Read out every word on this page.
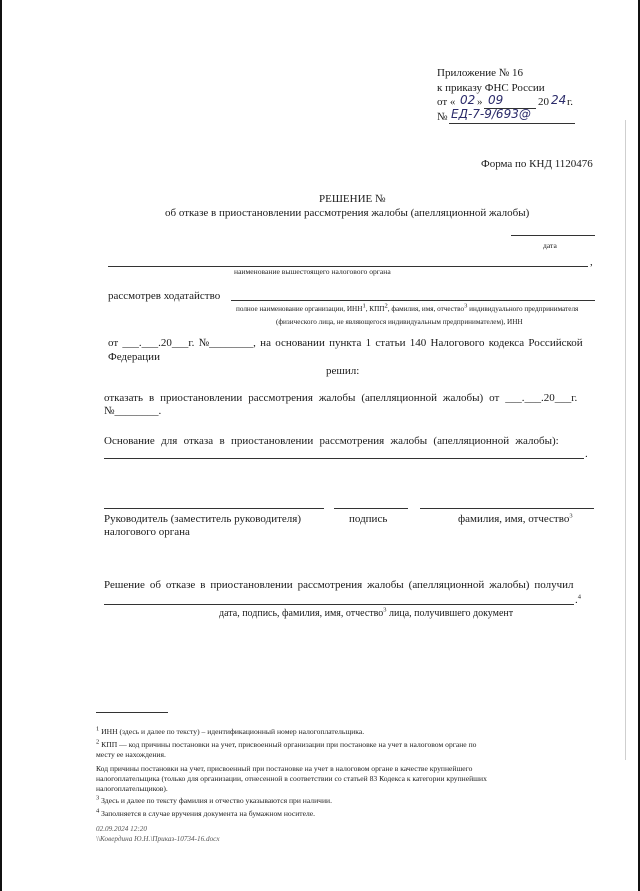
Приложение № 16
к приказу ФНС России
от « 02 » 09	20 24 г.
№ ЕД-7-9/693@
Форма по КНД 1120476
РЕШЕНИЕ №
об отказе в приостановлении рассмотрения жалобы (апелляционной жалобы)
дата
,
наименование вышестоящего налогового органа
рассмотрев ходатайство
полное наименование организации, ИНН1, КПП2, фамилия, имя, отчество3 индивидуального предпринимателя
(физического лица, не являющегося индивидуальным предпринимателем), ИНН
от ___.___.20___г. №________, на основании пункта 1 статьи 140 Налогового кодекса Российской
Федерации
решил:
отказать в приостановлении рассмотрения жалобы (апелляционной жалобы) от ___.___.20___г.
№________.
Основание для отказа в приостановлении рассмотрения жалобы (апелляционной жалобы):
.
Руководитель (заместитель руководителя)
налогового органа
подпись	фамилия, имя, отчество$^3$
Решение об отказе в приостановлении рассмотрения жалобы (апелляционной жалобы) получил
.$^4$
дата, подпись, фамилия, имя, отчество$^3$ лица, получившего документ
1 ИНН (здесь и далее по тексту) – идентификационный номер налогоплательщика.
2 КПП — код причины постановки на учет, присвоенный организации при постановке на учет в налоговом органе по
месту ее нахождения.
Код причины постановки на учет, присвоенный при постановке на учет в налоговом органе в качестве крупнейшего
налогоплательщика (только для организации, отнесенной в соответствии со статьей 83 Кодекса к категории крупнейших
налогоплательщиков).
3 Здесь и далее по тексту фамилия и отчество указываются при наличии.
4 Заполняется в случае вручения документа на бумажном носителе.
02.09.2024 12:20
\\Ковердина Ю.Н.\Приказ-10734-16.docx
